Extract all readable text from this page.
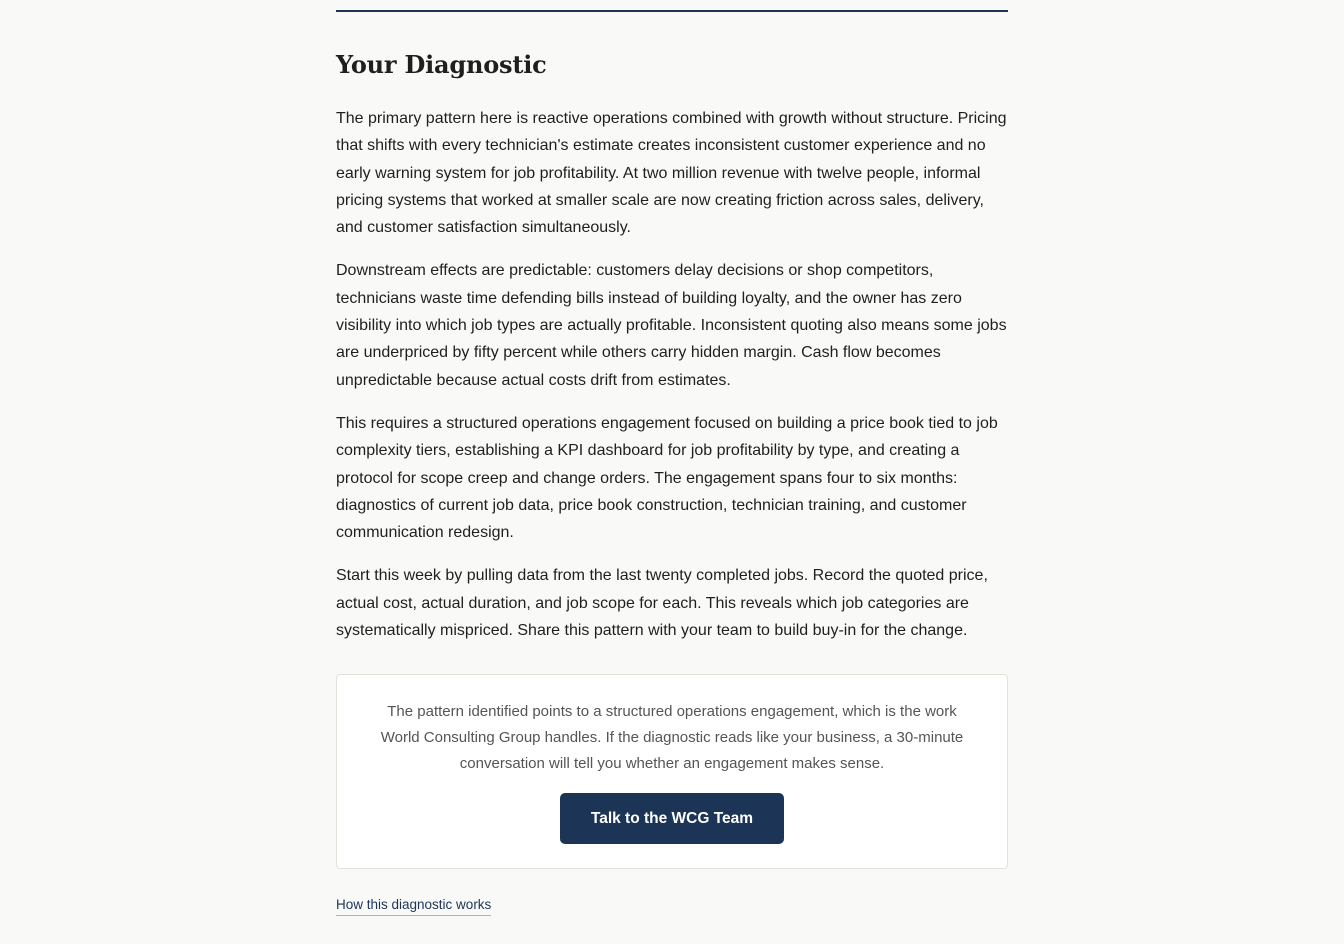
Your Diagnostic

The primary pattern here is reactive operations combined with growth without structure. Pricing that shifts with every technician's estimate creates inconsistent customer experience and no early warning system for job profitability. At two million revenue with twelve people, informal pricing systems that worked at smaller scale are now creating friction across sales, delivery, and customer satisfaction simultaneously.

Downstream effects are predictable: customers delay decisions or shop competitors, technicians waste time defending bills instead of building loyalty, and the owner has zero visibility into which job types are actually profitable. Inconsistent quoting also means some jobs are underpriced by fifty percent while others carry hidden margin. Cash flow becomes unpredictable because actual costs drift from estimates.

This requires a structured operations engagement focused on building a price book tied to job complexity tiers, establishing a KPI dashboard for job profitability by type, and creating a protocol for scope creep and change orders. The engagement spans four to six months: diagnostics of current job data, price book construction, technician training, and customer communication redesign.

Start this week by pulling data from the last twenty completed jobs. Record the quoted price, actual cost, actual duration, and job scope for each. This reveals which job categories are systematically mispriced. Share this pattern with your team to build buy-in for the change.

The pattern identified points to a structured operations engagement, which is the work World Consulting Group handles. If the diagnostic reads like your business, a 30-minute conversation will tell you whether an engagement makes sense.
Talk to the WCG Team
How this diagnostic works
